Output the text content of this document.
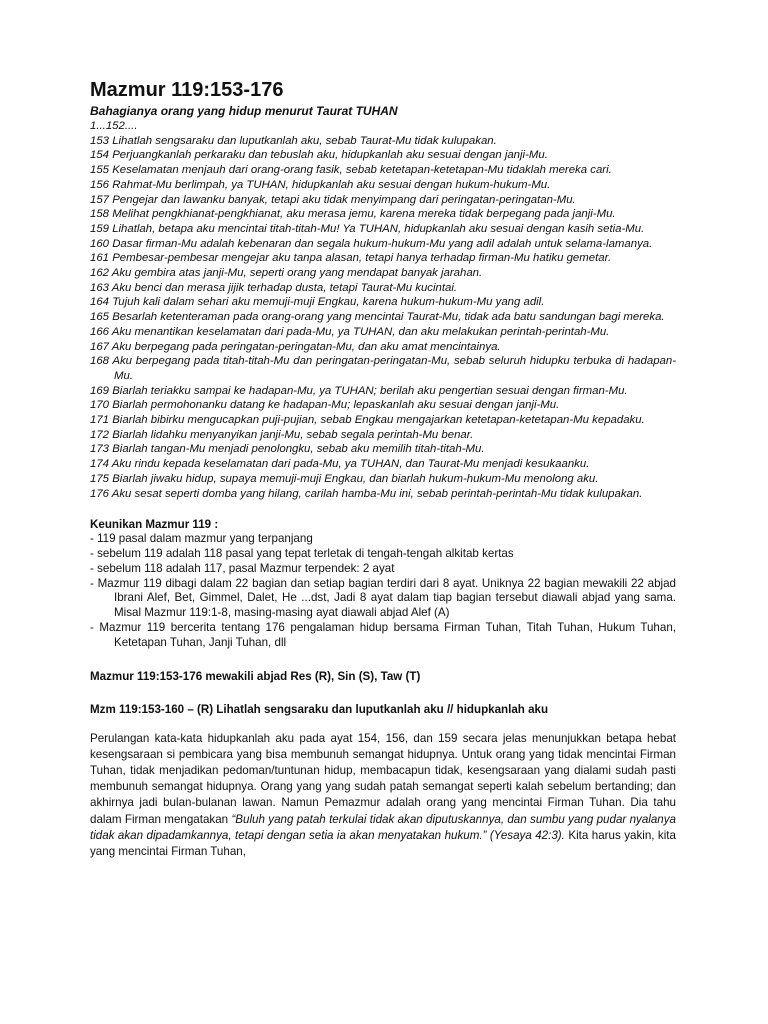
Mazmur 119:153-176

Bahagianya orang yang hidup menurut Taurat TUHAN

1...152....

153 Lihatlah sengsaraku dan luputkanlah aku, sebab Taurat-Mu tidak kulupakan.
154 Perjuangkanlah perkaraku dan tebuslah aku, hidupkanlah aku sesuai dengan janji-Mu.
155 Keselamatan menjauh dari orang-orang fasik, sebab ketetapan-ketetapan-Mu tidaklah mereka cari.
156 Rahmat-Mu berlimpah, ya TUHAN, hidupkanlah aku sesuai dengan hukum-hukum-Mu.
157 Pengejar dan lawanku banyak, tetapi aku tidak menyimpang dari peringatan-peringatan-Mu.
158 Melihat pengkhianat-pengkhianat, aku merasa jemu, karena mereka tidak berpegang pada janji-Mu.
159 Lihatlah, betapa aku mencintai titah-titah-Mu! Ya TUHAN, hidupkanlah aku sesuai dengan kasih setia-Mu.
160 Dasar firman-Mu adalah kebenaran dan segala hukum-hukum-Mu yang adil adalah untuk selama-lamanya.
161 Pembesar-pembesar mengejar aku tanpa alasan, tetapi hanya terhadap firman-Mu hatiku gemetar.
162 Aku gembira atas janji-Mu, seperti orang yang mendapat banyak jarahan.
163 Aku benci dan merasa jijik terhadap dusta, tetapi Taurat-Mu kucintai.
164 Tujuh kali dalam sehari aku memuji-muji Engkau, karena hukum-hukum-Mu yang adil.
165 Besarlah ketenteraman pada orang-orang yang mencintai Taurat-Mu, tidak ada batu sandungan bagi mereka.
166 Aku menantikan keselamatan dari pada-Mu, ya TUHAN, dan aku melakukan perintah-perintah-Mu.
167 Aku berpegang pada peringatan-peringatan-Mu, dan aku amat mencintainya.
168 Aku berpegang pada titah-titah-Mu dan peringatan-peringatan-Mu, sebab seluruh hidupku terbuka di hadapan-Mu.
169 Biarlah teriakku sampai ke hadapan-Mu, ya TUHAN; berilah aku pengertian sesuai dengan firman-Mu.
170 Biarlah permohonanku datang ke hadapan-Mu; lepaskanlah aku sesuai dengan janji-Mu.
171 Biarlah bibirku mengucapkan puji-pujian, sebab Engkau mengajarkan ketetapan-ketetapan-Mu kepadaku.
172 Biarlah lidahku menyanyikan janji-Mu, sebab segala perintah-Mu benar.
173 Biarlah tangan-Mu menjadi penolongku, sebab aku memilih titah-titah-Mu.
174 Aku rindu kepada keselamatan dari pada-Mu, ya TUHAN, dan Taurat-Mu menjadi kesukaanku.
175 Biarlah jiwaku hidup, supaya memuji-muji Engkau, dan biarlah hukum-hukum-Mu menolong aku.
176 Aku sesat seperti domba yang hilang, carilah hamba-Mu ini, sebab perintah-perintah-Mu tidak kulupakan.

Keunikan Mazmur 119 :

- 119 pasal dalam mazmur yang terpanjang
- sebelum 119 adalah 118 pasal yang tepat terletak di tengah-tengah alkitab kertas
- sebelum 118 adalah 117, pasal Mazmur terpendek: 2 ayat
- Mazmur 119 dibagi dalam 22 bagian dan setiap bagian terdiri dari 8 ayat. Uniknya 22 bagian mewakili 22 abjad Ibrani Alef, Bet, Gimmel, Dalet, He ...dst, Jadi 8 ayat dalam tiap bagian tersebut diawali abjad yang sama. Misal Mazmur 119:1-8, masing-masing ayat diawali abjad Alef (A)
- Mazmur 119 bercerita tentang 176 pengalaman hidup bersama Firman Tuhan, Titah Tuhan, Hukum Tuhan, Ketetapan Tuhan, Janji Tuhan, dll

Mazmur 119:153-176 mewakili abjad Res (R), Sin (S), Taw (T)

Mzm 119:153-160 – (R) Lihatlah sengsaraku dan luputkanlah aku // hidupkanlah aku

Perulangan kata-kata hidupkanlah aku pada ayat 154, 156, dan 159 secara jelas menunjukkan betapa hebat kesengsaraan si pembicara yang bisa membunuh semangat hidupnya. Untuk orang yang tidak mencintai Firman Tuhan, tidak menjadikan pedoman/tuntunan hidup, membacapun tidak, kesengsaraan yang dialami sudah pasti membunuh semangat hidupnya. Orang yang yang sudah patah semangat seperti kalah sebelum bertanding; dan akhirnya jadi bulan-bulanan lawan. Namun Pemazmur adalah orang yang mencintai Firman Tuhan. Dia tahu dalam Firman mengatakan “Buluh yang patah terkulai tidak akan diputuskannya, dan sumbu yang pudar nyalanya tidak akan dipadamkannya, tetapi dengan setia ia akan menyatakan hukum.” (Yesaya 42:3). Kita harus yakin, kita yang mencintai Firman Tuhan,
